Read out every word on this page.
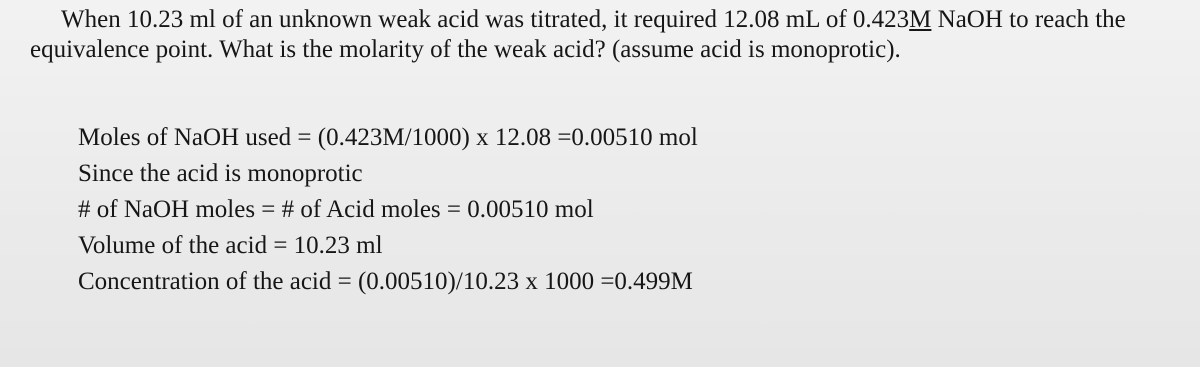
When 10.23 ml of an unknown weak acid was titrated, it required 12.08 mL of 0.423M NaOH to reach the equivalence point. What is the molarity of the weak acid? (assume acid is monoprotic).

Moles of NaOH used = (0.423M/1000) x 12.08 =0.00510 mol
Since the acid is monoprotic
# of NaOH moles = # of Acid moles = 0.00510 mol
Volume of the acid = 10.23 ml
Concentration of the acid = (0.00510)/10.23 x 1000 =0.499M
